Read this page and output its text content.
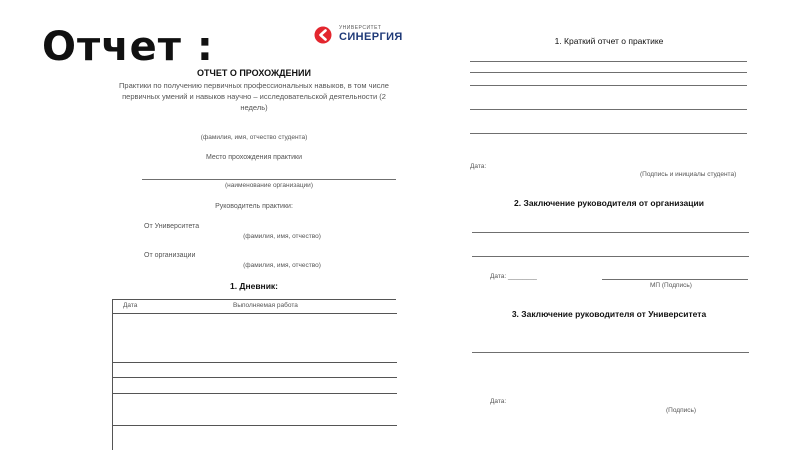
Отчет :	УНИВЕРСИТЕТ
СИНЕРГИЯ
ОТЧЕТ О ПРОХОЖДЕНИИ
Практики по получению первичных профессиональных навыков, в том числе первичных умений и навыков научно – исследовательской деятельности (2 недель)
(фамилия, имя, отчество студента)
Место прохождения практики
(наименование организации)
Руководитель практики:
От Университета
(фамилия, имя, отчество)
От организации
(фамилия, имя, отчество)
1. Дневник:
Дата	Выполняемая работа
1. Краткий отчет о практике
Дата:
(Подпись и инициалы студента)
2. Заключение руководителя от организации
Дата: ________
МП (Подпись)
3. Заключение руководителя от Университета
Дата:
(Подпись)
